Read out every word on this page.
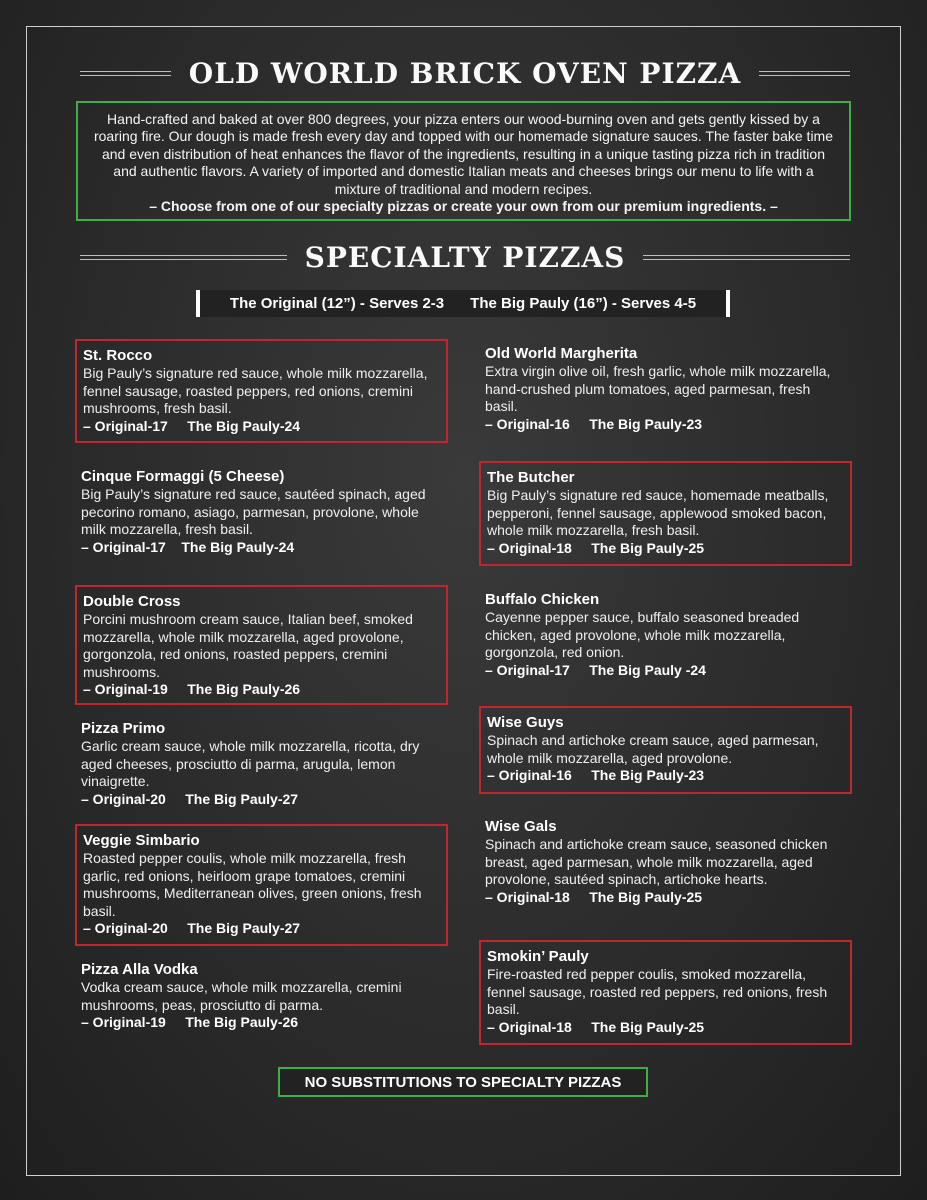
OLD WORLD BRICK OVEN PIZZA
Hand-crafted and baked at over 800 degrees, your pizza enters our wood-burning oven and gets gently kissed by a roaring fire. Our dough is made fresh every day and topped with our homemade signature sauces. The faster bake time and even distribution of heat enhances the flavor of the ingredients, resulting in a unique tasting pizza rich in tradition and authentic flavors. A variety of imported and domestic Italian meats and cheeses brings our menu to life with a mixture of traditional and modern recipes.
– Choose from one of our specialty pizzas or create your own from our premium ingredients. –
SPECIALTY PIZZAS
The Original (12”) - Serves 2-3 The Big Pauly (16”) - Serves 4-5
St. Rocco
Big Pauly’s signature red sauce, whole milk mozzarella, fennel sausage, roasted peppers, red onions, cremini mushrooms, fresh basil.
– Original-17     The Big Pauly-24
Cinque Formaggi (5 Cheese)
Big Pauly’s signature red sauce, sautéed spinach, aged pecorino romano, asiago, parmesan, provolone, whole milk mozzarella, fresh basil.
– Original-17    The Big Pauly-24
Double Cross
Porcini mushroom cream sauce, Italian beef, smoked mozzarella, whole milk mozzarella, aged provolone, gorgonzola, red onions, roasted peppers, cremini mushrooms.
– Original-19     The Big Pauly-26
Pizza Primo
Garlic cream sauce, whole milk mozzarella, ricotta, dry aged cheeses, prosciutto di parma, arugula, lemon vinaigrette.
– Original-20     The Big Pauly-27
Veggie Simbario
Roasted pepper coulis, whole milk mozzarella, fresh garlic, red onions, heirloom grape tomatoes, cremini mushrooms, Mediterranean olives, green onions, fresh basil.
– Original-20     The Big Pauly-27
Pizza Alla Vodka
Vodka cream sauce, whole milk mozzarella, cremini mushrooms, peas, prosciutto di parma.
– Original-19     The Big Pauly-26
Old World Margherita
Extra virgin olive oil, fresh garlic, whole milk mozzarella, hand-crushed plum tomatoes, aged parmesan, fresh basil.
– Original-16     The Big Pauly-23
The Butcher
Big Pauly’s signature red sauce, homemade meatballs, pepperoni, fennel sausage, applewood smoked bacon, whole milk mozzarella, fresh basil.
– Original-18     The Big Pauly-25
Buffalo Chicken
Cayenne pepper sauce, buffalo seasoned breaded chicken, aged provolone, whole milk mozzarella, gorgonzola, red onion.
– Original-17     The Big Pauly -24
Wise Guys
Spinach and artichoke cream sauce, aged parmesan, whole milk mozzarella, aged provolone.
– Original-16     The Big Pauly-23
Wise Gals
Spinach and artichoke cream sauce, seasoned chicken breast, aged parmesan, whole milk mozzarella, aged provolone, sautéed spinach, artichoke hearts.
– Original-18     The Big Pauly-25
Smokin’ Pauly
Fire-roasted red pepper coulis, smoked mozzarella, fennel sausage, roasted red peppers, red onions, fresh basil.
– Original-18     The Big Pauly-25
NO SUBSTITUTIONS TO SPECIALTY PIZZAS
